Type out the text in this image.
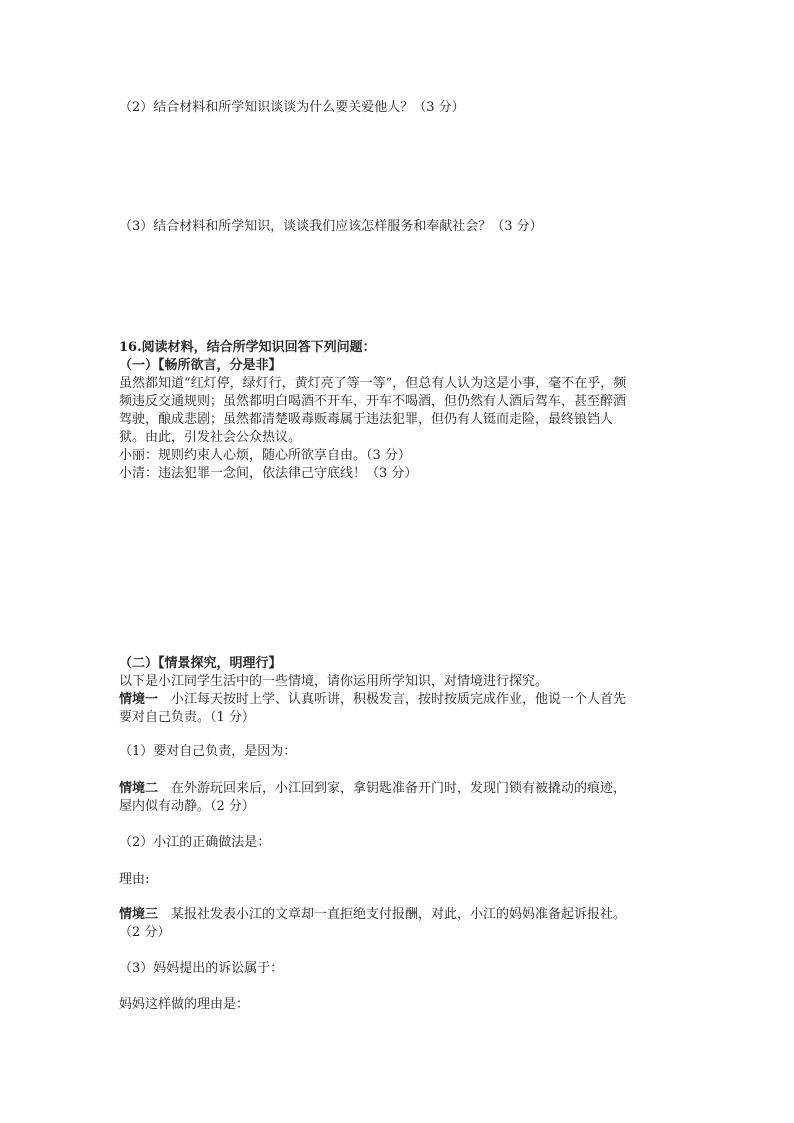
（2）结合材料和所学知识谈谈为什么要关爱他人？（3 分）
（3）结合材料和所学知识，谈谈我们应该怎样服务和奉献社会？（3 分）
16.阅读材料，结合所学知识回答下列问题：
（一）【畅所欲言，分是非】
虽然都知道“红灯停，绿灯行，黄灯亮了等一等”，但总有人认为这是小事，毫不在乎，频
频违反交通规则；虽然都明白喝酒不开车，开车不喝酒，但仍然有人酒后驾车，甚至醉酒
驾驶，酿成悲剧；虽然都清楚吸毒贩毒属于违法犯罪，但仍有人铤而走险，最终锒铛人
狱。由此，引发社会公众热议。
小丽：规则约束人心烦，随心所欲享自由。（3 分）
小清：违法犯罪一念间，依法律己守底线！（3 分）
（二）【情景探究，明理行】
以下是小江同学生活中的一些情境，请你运用所学知识，对情境进行探究。
情境一　小江每天按时上学、认真听讲，积极发言，按时按质完成作业，他说一个人首先
要对自己负责。（1 分）
（1）要对自己负责，是因为：
情境二　在外游玩回来后，小江回到家，拿钥匙准备开门时，发现门锁有被撬动的痕迹，
屋内似有动静。（2 分）
（2）小江的正确做法是：
理由:
情境三　某报社发表小江的文章却一直拒绝支付报酬，对此，小江的妈妈准备起诉报社。
（2 分）
（3）妈妈提出的诉讼属于：
妈妈这样做的理由是：
